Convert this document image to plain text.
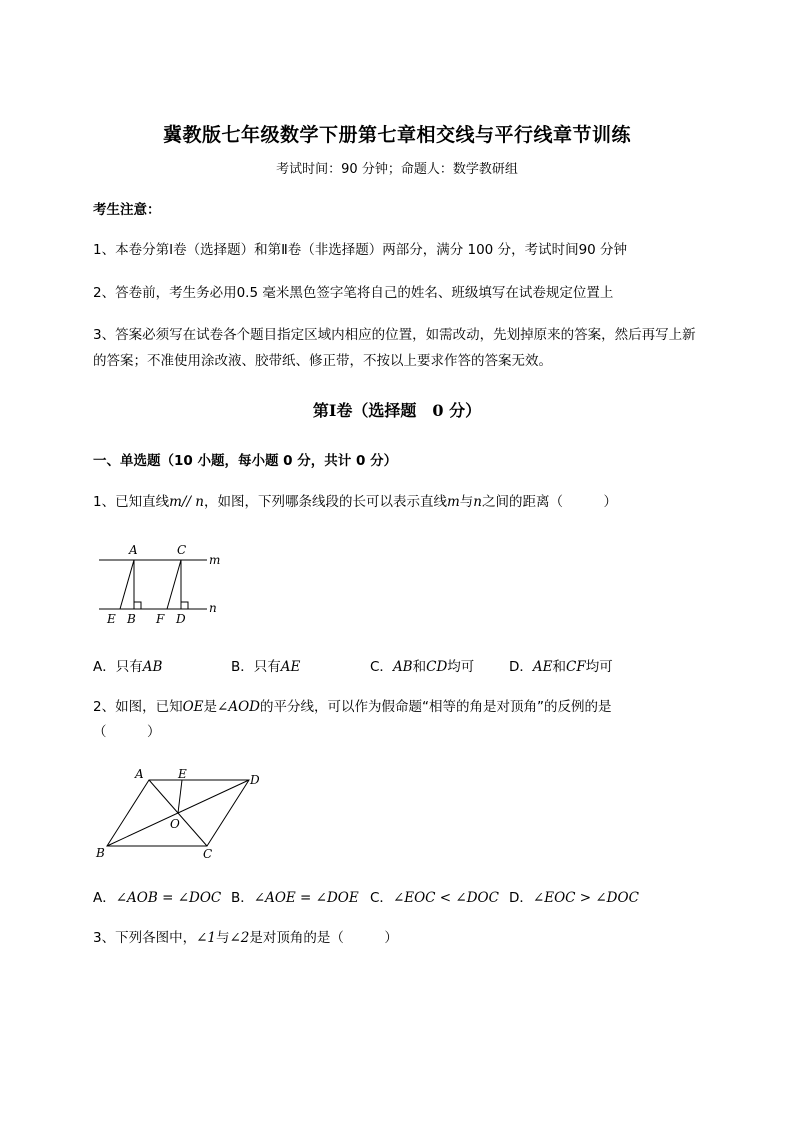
冀教版七年级数学下册第七章相交线与平行线章节训练
考试时间：90 分钟；命题人：数学教研组
考生注意：
1、本卷分第Ⅰ卷（选择题）和第Ⅱ卷（非选择题）两部分，满分 100 分，考试时间90 分钟
2、答卷前，考生务必用0.5 毫米黑色签字笔将自己的姓名、班级填写在试卷规定位置上
3、答案必须写在试卷各个题目指定区域内相应的位置，如需改动，先划掉原来的答案，然后再写上新
的答案；不准使用涂改液、胶带纸、修正带，不按以上要求作答的答案无效。
第Ⅰ卷（选择题　0 分）
一、单选题（10 小题，每小题 0 分，共计 0 分）
1、已知直线m// n，如图，下列哪条线段的长可以表示直线m与n之间的距离（　　　）
A	C
m
n
E B F D
A．只有AB	B．只有AE	C．AB和CD均可	D．AE和CF均可
2、如图，已知OE是∠AOD的平分线，可以作为假命题“相等的角是对顶角”的反例的是
（　　　）
A	E	D
O
B	C
A．∠AOB = ∠DOC B．∠AOE = ∠DOE C．∠EOC < ∠DOC D．∠EOC > ∠DOC
3、下列各图中，∠1与∠2是对顶角的是（　　　）
